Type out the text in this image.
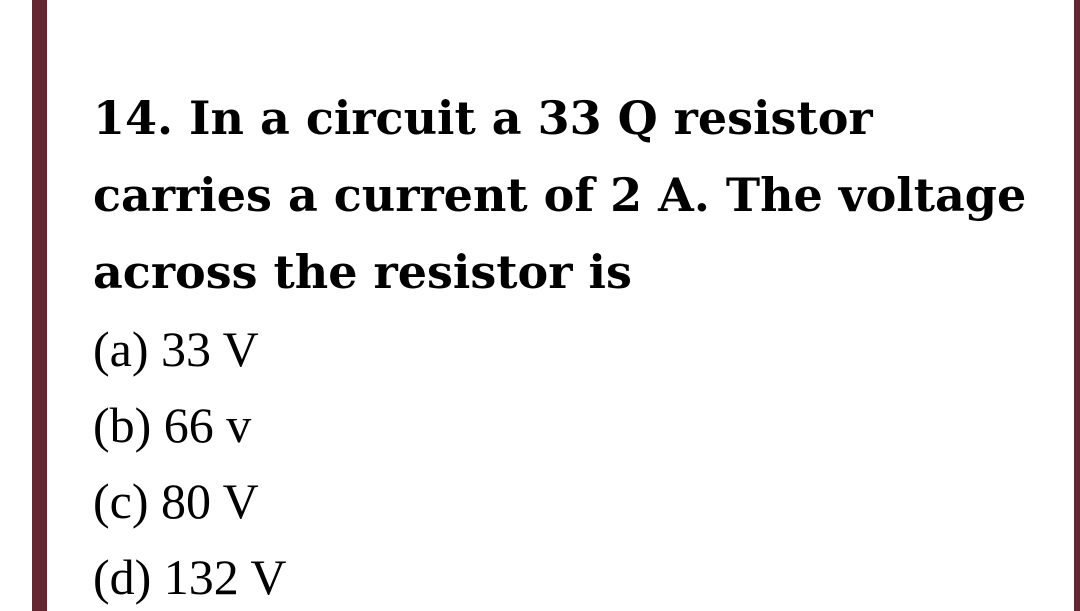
14. In a circuit a 33 Q resistor carries a current of 2 A. The voltage across the resistor is

(a) 33 V
(b) 66 v
(c) 80 V
(d) 132 V
